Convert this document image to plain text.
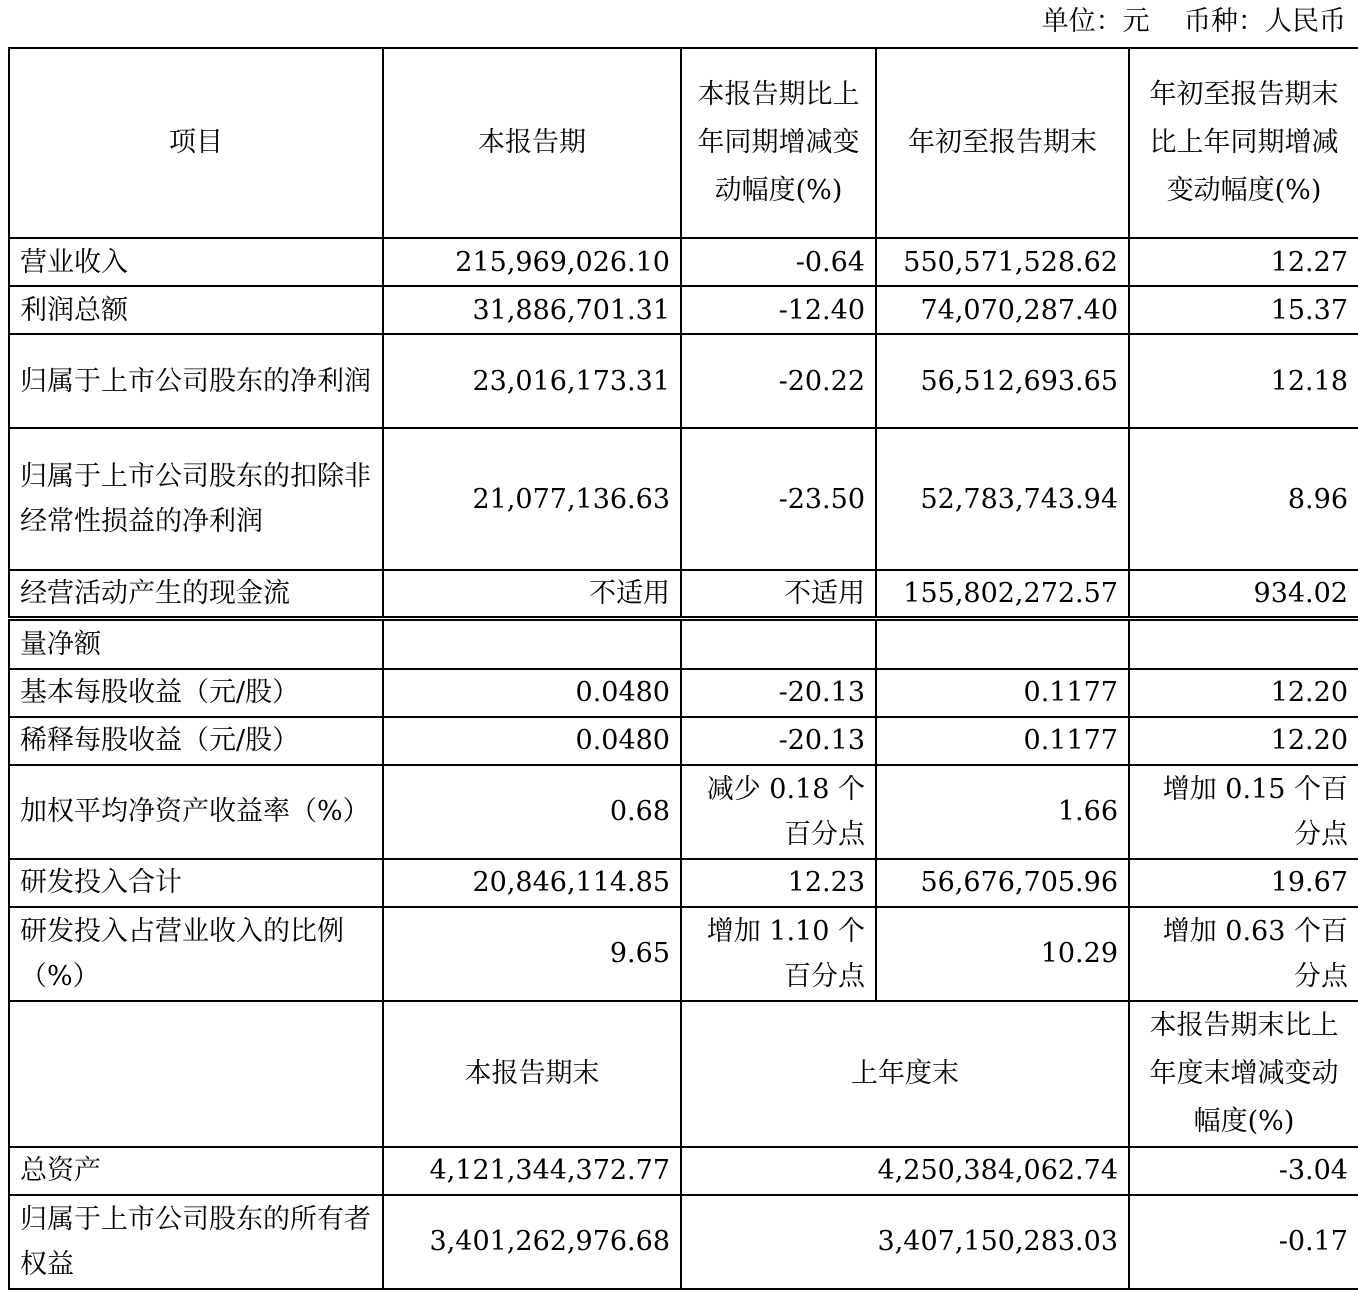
单位：元    币种：人民币
项目	本报告期	本报告期比上年同期增减变动幅度(%)	年初至报告期末	年初至报告期末比上年同期增减变动幅度(%)
营业收入	215,969,026.10	-0.64	550,571,528.62	12.27
利润总额	31,886,701.31	-12.40	74,070,287.40	15.37
归属于上市公司股东的净利润	23,016,173.31	-20.22	56,512,693.65	12.18
归属于上市公司股东的扣除非经常性损益的净利润	21,077,136.63	-23.50	52,783,743.94	8.96
经营活动产生的现金流	不适用	不适用	155,802,272.57	934.02
量净额				
基本每股收益（元/股）	0.0480	-20.13	0.1177	12.20
稀释每股收益（元/股）	0.0480	-20.13	0.1177	12.20
加权平均净资产收益率（%）	0.68	减少 0.18 个百分点	1.66	增加 0.15 个百分点
研发投入合计	20,846,114.85	12.23	56,676,705.96	19.67
研发投入占营业收入的比例（%）	9.65	增加 1.10 个百分点	10.29	增加 0.63 个百分点
	本报告期末	上年度末		本报告期末比上年度末增减变动幅度(%)
总资产	4,121,344,372.77	4,250,384,062.74		-3.04
归属于上市公司股东的所有者权益	3,401,262,976.68	3,407,150,283.03		-0.17
